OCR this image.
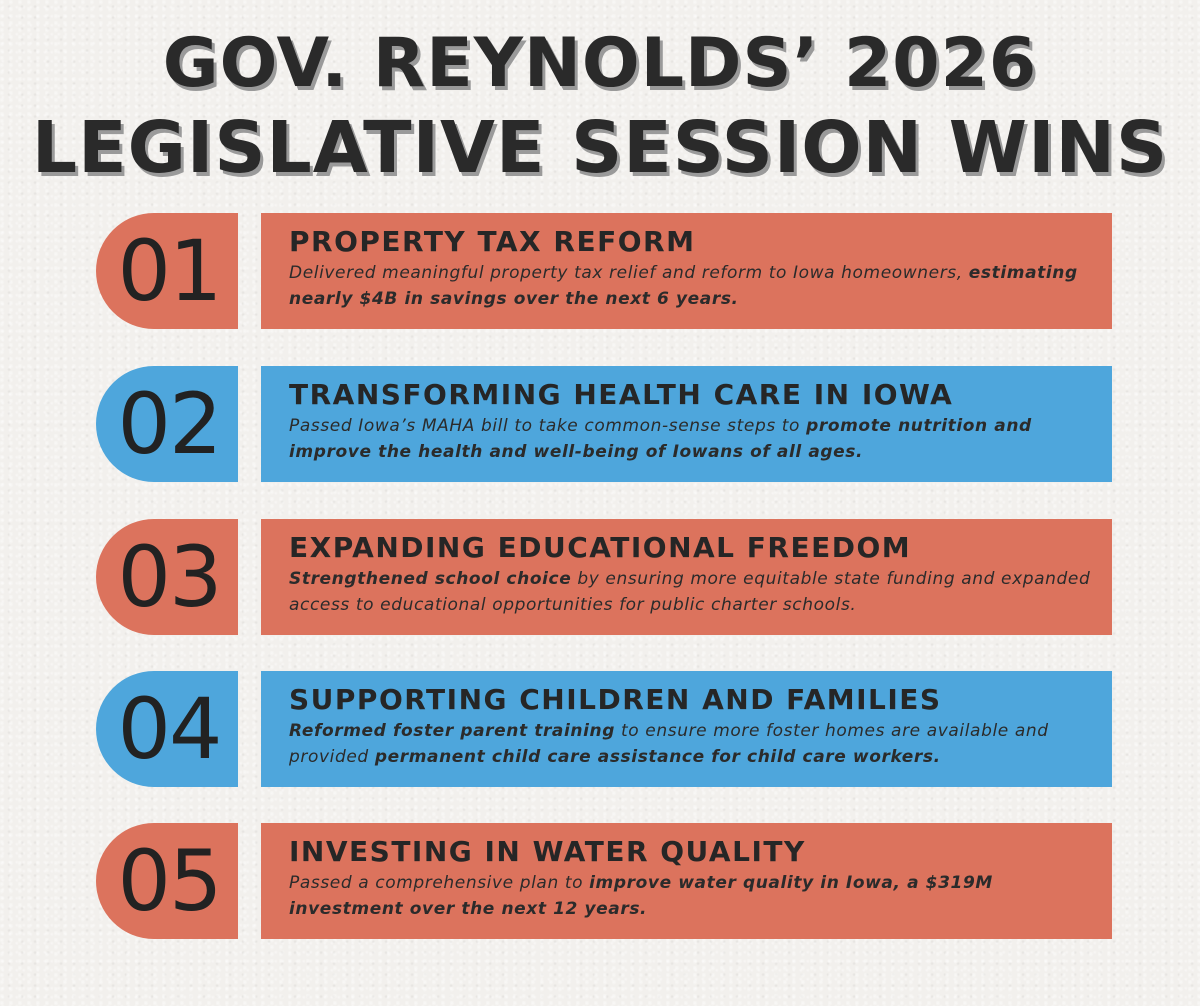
GOV. REYNOLDS’ 2026
LEGISLATIVE SESSION WINS
01	PROPERTY TAX REFORM
Delivered meaningful property tax relief and reform to Iowa homeowners, estimating nearly $4B in savings over the next 6 years.
02	TRANSFORMING HEALTH CARE IN IOWA
Passed Iowa’s MAHA bill to take common-sense steps to promote nutrition and improve the health and well-being of Iowans of all ages.
03	EXPANDING EDUCATIONAL FREEDOM
Strengthened school choice by ensuring more equitable state funding and expanded access to educational opportunities for public charter schools.
04	SUPPORTING CHILDREN AND FAMILIES
Reformed foster parent training to ensure more foster homes are available and provided permanent child care assistance for child care workers.
05	INVESTING IN WATER QUALITY
Passed a comprehensive plan to improve water quality in Iowa, a $319M investment over the next 12 years.
